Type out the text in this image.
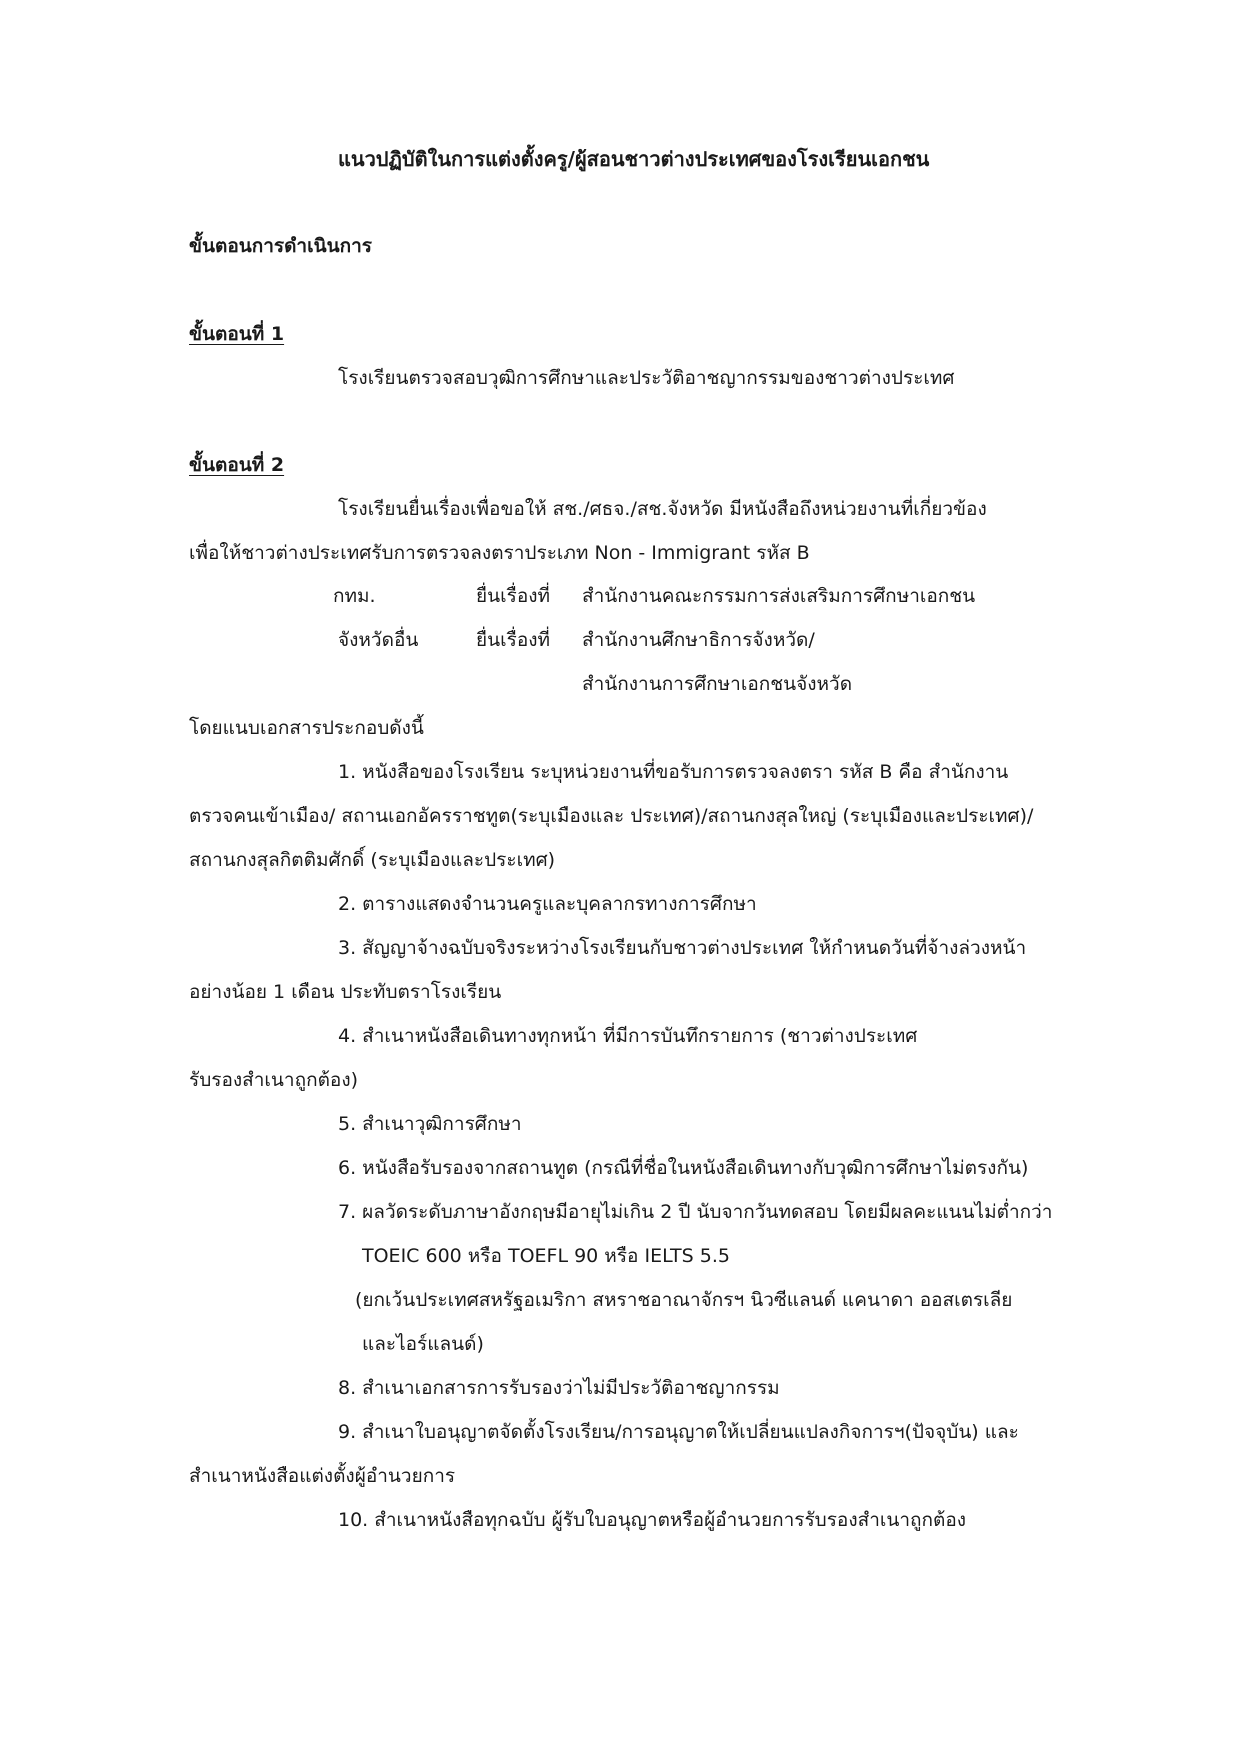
แนวปฏิบัติในการแต่งตั้งครู/ผู้สอนชาวต่างประเทศของโรงเรียนเอกชน
ขั้นตอนการดำเนินการ
ขั้นตอนที่ 1
โรงเรียนตรวจสอบวุฒิการศึกษาและประวัติอาชญากรรมของชาวต่างประเทศ
ขั้นตอนที่ 2
โรงเรียนยื่นเรื่องเพื่อขอให้ สช./ศธจ./สช.จังหวัด มีหนังสือถึงหน่วยงานที่เกี่ยวข้อง
เพื่อให้ชาวต่างประเทศรับการตรวจลงตราประเภท Non - Immigrant รหัส B
กทม.	ยื่นเรื่องที่ สำนักงานคณะกรรมการส่งเสริมการศึกษาเอกชน
จังหวัดอื่น	ยื่นเรื่องที่ สำนักงานศึกษาธิการจังหวัด/
สำนักงานการศึกษาเอกชนจังหวัด
โดยแนบเอกสารประกอบดังนี้
1. หนังสือของโรงเรียน ระบุหน่วยงานที่ขอรับการตรวจลงตรา รหัส B คือ สำนักงาน
ตรวจคนเข้าเมือง/ สถานเอกอัครราชทูต(ระบุเมืองและ ประเทศ)/สถานกงสุลใหญ่ (ระบุเมืองและประเทศ)/
สถานกงสุลกิตติมศักดิ์ (ระบุเมืองและประเทศ)
2. ตารางแสดงจำนวนครูและบุคลากรทางการศึกษา
3. สัญญาจ้างฉบับจริงระหว่างโรงเรียนกับชาวต่างประเทศ ให้กำหนดวันที่จ้างล่วงหน้า
อย่างน้อย 1 เดือน ประทับตราโรงเรียน
4. สำเนาหนังสือเดินทางทุกหน้า ที่มีการบันทึกรายการ (ชาวต่างประเทศ
รับรองสำเนาถูกต้อง)
5. สำเนาวุฒิการศึกษา
6. หนังสือรับรองจากสถานทูต (กรณีที่ชื่อในหนังสือเดินทางกับวุฒิการศึกษาไม่ตรงกัน)
7. ผลวัดระดับภาษาอังกฤษมีอายุไม่เกิน 2 ปี นับจากวันทดสอบ โดยมีผลคะแนนไม่ต่ำกว่า
TOEIC 600 หรือ TOEFL 90 หรือ IELTS 5.5
(ยกเว้นประเทศสหรัฐอเมริกา สหราชอาณาจักรฯ นิวซีแลนด์ แคนาดา ออสเตรเลีย
และไอร์แลนด์)
8. สำเนาเอกสารการรับรองว่าไม่มีประวัติอาชญากรรม
9. สำเนาใบอนุญาตจัดตั้งโรงเรียน/การอนุญาตให้เปลี่ยนแปลงกิจการฯ(ปัจจุบัน) และ
สำเนาหนังสือแต่งตั้งผู้อำนวยการ
10. สำเนาหนังสือทุกฉบับ ผู้รับใบอนุญาตหรือผู้อำนวยการรับรองสำเนาถูกต้อง
